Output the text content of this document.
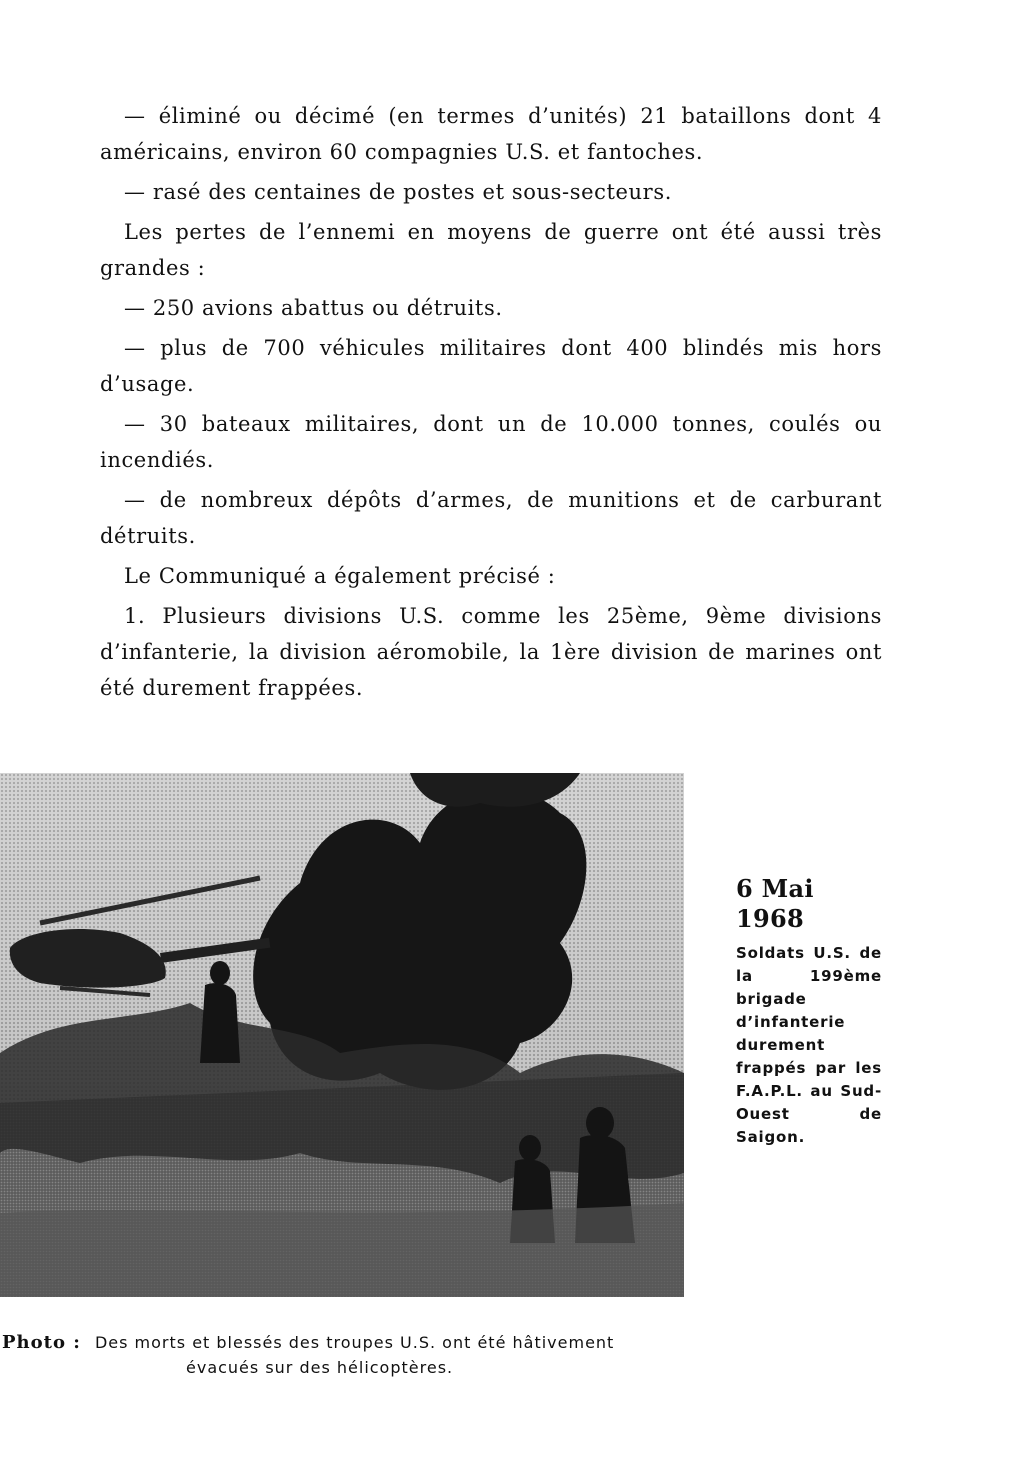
— éliminé ou décimé (en termes d’unités) 21 bataillons dont 4 américains, environ 60 compagnies U.S. et fantoches.

— rasé des centaines de postes et sous-secteurs.

Les pertes de l’ennemi en moyens de guerre ont été aussi très grandes :

— 250 avions abattus ou détruits.

— plus de 700 véhicules militaires dont 400 blindés mis hors d’usage.

— 30 bateaux militaires, dont un de 10.000 tonnes, coulés ou incendiés.

— de nombreux dépôts d’armes, de munitions et de carburant détruits.

Le Communiqué a également précisé :

1. Plusieurs divisions U.S. comme les 25ème, 9ème divisions d’infanterie, la division aéromobile, la 1ère division de marines ont été durement frappées.

6 Mai 1968
Soldats U.S. de la 199ème brigade d’infanterie durement frappés par les F.A.P.L. au Sud-Ouest de Saigon.
Photo : Des morts et blessés des troupes U.S. ont été hâtivement
évacués sur des hélicoptères.
